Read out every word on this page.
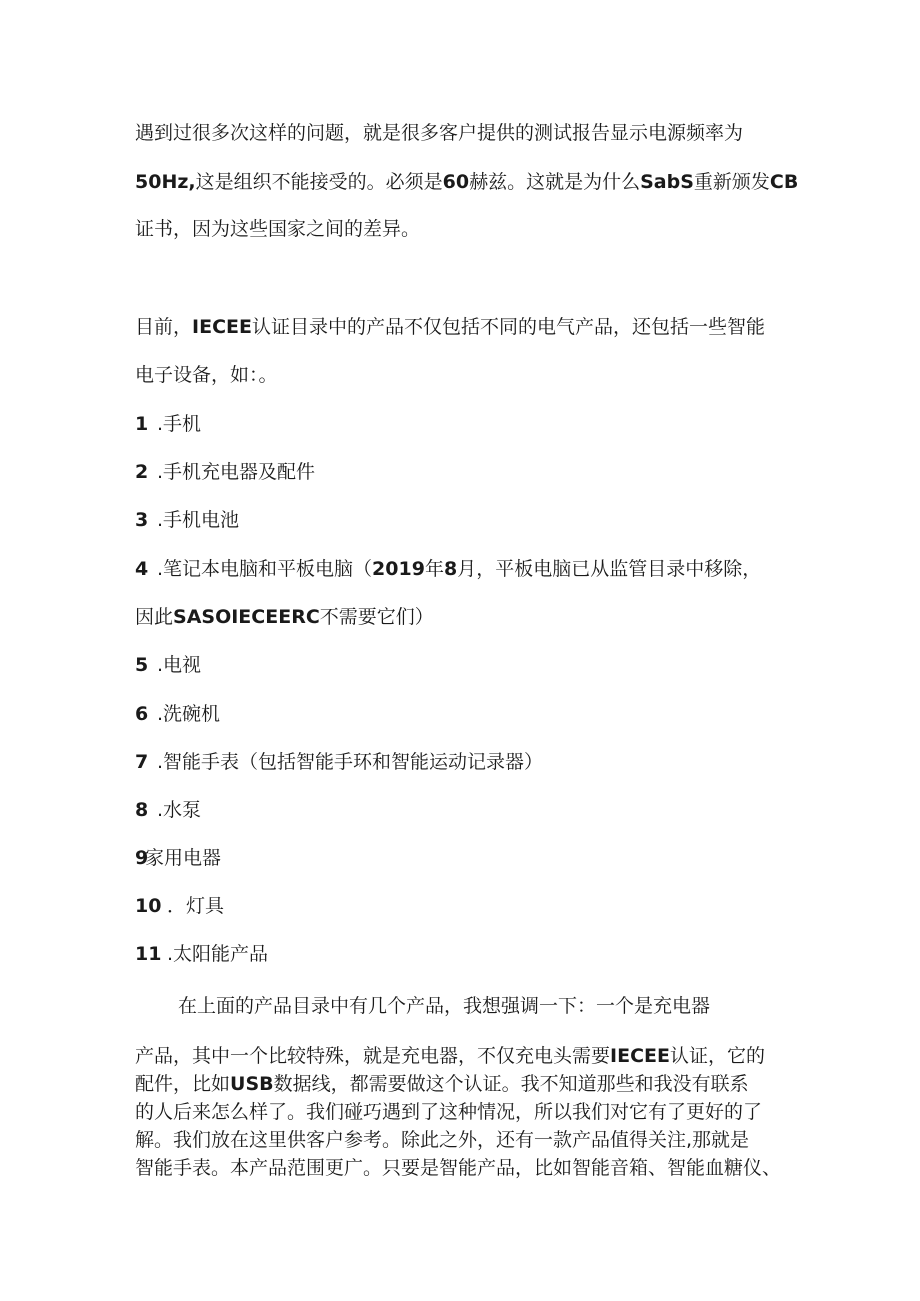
遇到过很多次这样的问题，就是很多客户提供的测试报告显示电源频率为
50Hz,这是组织不能接受的。必须是60赫兹。这就是为什么SabS重新颁发CB
证书，因为这些国家之间的差异。
目前，IECEE认证目录中的产品不仅包括不同的电气产品，还包括一些智能
电子设备，如：。
1 .手机
2 .手机充电器及配件
3 .手机电池
4 .笔记本电脑和平板电脑（2019年8月，平板电脑已从监管目录中移除，
因此SASOIECEERC不需要它们）
5 .电视
6 .洗碗机
7 .智能手表（包括智能手环和智能运动记录器）
8 .水泵
9家用电器
10 ．灯具
11 .太阳能产品
在上面的产品目录中有几个产品，我想强调一下：一个是充电器
产品，其中一个比较特殊，就是充电器，不仅充电头需要IECEE认证，它的
配件，比如USB数据线，都需要做这个认证。我不知道那些和我没有联系
的人后来怎么样了。我们碰巧遇到了这种情况，所以我们对它有了更好的了
解。我们放在这里供客户参考。除此之外，还有一款产品值得关注,那就是
智能手表。本产品范围更广。只要是智能产品，比如智能音箱、智能血糖仪、
